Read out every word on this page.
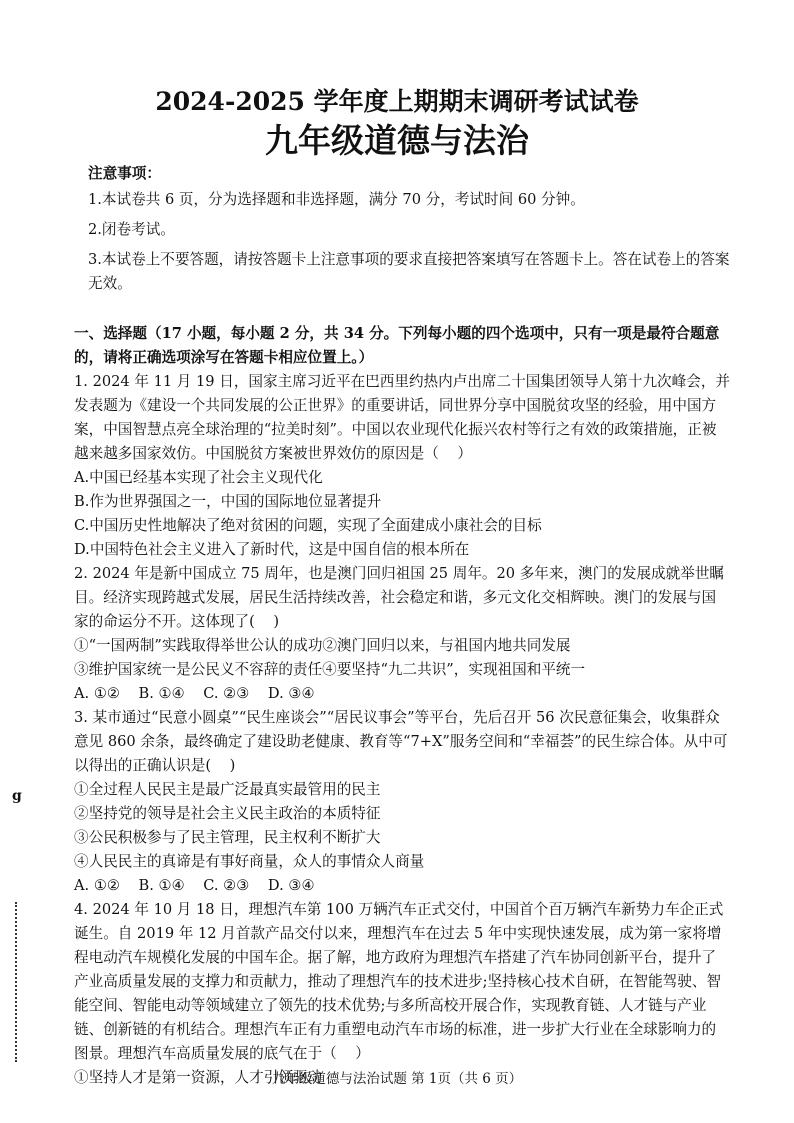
2024-2025 学年度上期期末调研考试试卷
九年级道德与法治

注意事项：

1.本试卷共 6 页，分为选择题和非选择题，满分 70 分，考试时间 60 分钟。

2.闭卷考试。

3.本试卷上不要答题，请按答题卡上注意事项的要求直接把答案填写在答题卡上。答在试卷上的答案无效。

一、选择题（17 小题，每小题 2 分，共 34 分。下列每小题的四个选项中，只有一项是最符合题意的，请将正确选项涂写在答题卡相应位置上。）

1. 2024 年 11 月 19 日，国家主席习近平在巴西里约热内卢出席二十国集团领导人第十九次峰会，并发表题为《建设一个共同发展的公正世界》的重要讲话，同世界分享中国脱贫攻坚的经验，用中国方案，中国智慧点亮全球治理的“拉美时刻”。中国以农业现代化振兴农村等行之有效的政策措施，正被越来越多国家效仿。中国脱贫方案被世界效仿的原因是（    ）

A.中国已经基本实现了社会主义现代化

B.作为世界强国之一，中国的国际地位显著提升

C.中国历史性地解决了绝对贫困的问题，实现了全面建成小康社会的目标

D.中国特色社会主义进入了新时代，这是中国自信的根本所在

2. 2024 年是新中国成立 75 周年，也是澳门回归祖国 25 周年。20 多年来，澳门的发展成就举世瞩目。经济实现跨越式发展，居民生活持续改善，社会稳定和谐，多元文化交相辉映。澳门的发展与国家的命运分不开。这体现了(    )

①“一国两制”实践取得举世公认的成功②澳门回归以来，与祖国内地共同发展

③维护国家统一是公民义不容辞的责任④要坚持“九二共识”，实现祖国和平统一

A. ①②    B. ①④    C. ②③    D. ③④

3. 某市通过“民意小圆桌”“民生座谈会”“居民议事会”等平台，先后召开 56 次民意征集会，收集群众意见 860 余条，最终确定了建设助老健康、教育等“7+X”服务空间和“幸福荟”的民生综合体。从中可以得出的正确认识是(    )

①全过程人民民主是最广泛最真实最管用的民主

②坚持党的领导是社会主义民主政治的本质特征

③公民积极参与了民主管理，民主权利不断扩大

④人民民主的真谛是有事好商量，众人的事情众人商量

A. ①②    B. ①④    C. ②③    D. ③④

4. 2024 年 10 月 18 日，理想汽车第 100 万辆汽车正式交付，中国首个百万辆汽车新势力车企正式诞生。自 2019 年 12 月首款产品交付以来，理想汽车在过去 5 年中实现快速发展，成为第一家将增程电动汽车规模化发展的中国车企。据了解，地方政府为理想汽车搭建了汽车协同创新平台，提升了产业高质量发展的支撑力和贡献力，推动了理想汽车的技术进步;坚持核心技术自研，在智能驾驶、智能空间、智能电动等领域建立了领先的技术优势;与多所高校开展合作，实现教育链、人才链与产业链、创新链的有机结合。理想汽车正有力重塑电动汽车市场的标准，进一步扩大行业在全球影响力的图景。理想汽车高质量发展的底气在于（    ）

①坚持人才是第一资源，人才引领驱动

g
九年级道德与法治试题 第 1页（共 6 页）
